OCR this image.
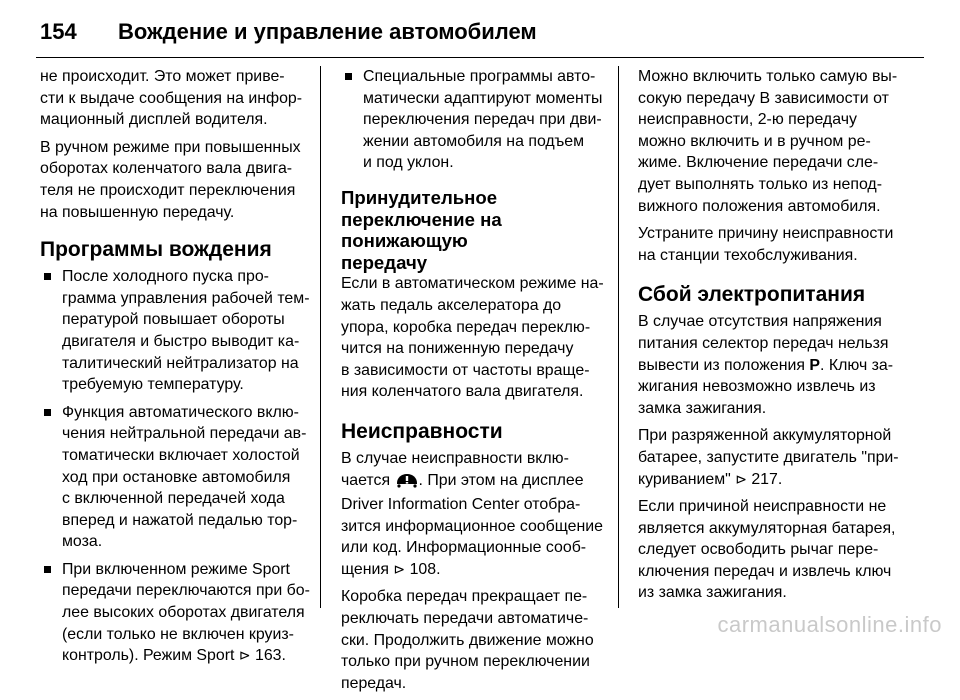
154	Вождение и управление автомобилем

не происходит. Это может приве-
сти к выдаче сообщения на инфор-
мационный дисплей водителя.

В ручном режиме при повышенных
оборотах коленчатого вала двига-
теля не происходит переключения
на повышенную передачу.

Программы вождения
После холодного пуска про-
грамма управления рабочей тем-
пературой повышает обороты
двигателя и быстро выводит ка-
талитический нейтрализатор на
требуемую температуру.
Функция автоматического вклю-
чения нейтральной передачи ав-
томатически включает холостой
ход при остановке автомобиля
с включенной передачей хода
вперед и нажатой педалью тор-
моза.
При включенном режиме Sport
передачи переключаются при бо-
лее высоких оборотах двигателя
(если только не включен круиз-
контроль). Режим Sport ⊳ 163.
Специальные программы авто-
матически адаптируют моменты
переключения передач при дви-
жении автомобиля на подъем
и под уклон.
Принудительное
переключение на понижающую
передачу

Если в автоматическом режиме на-
жать педаль акселератора до
упора, коробка передач переклю-
чится на пониженную передачу
в зависимости от частоты враще-
ния коленчатого вала двигателя.

Неисправности

В случае неисправности вклю-
чается . При этом на дисплее
Driver Information Center отобра-
зится информационное сообщение
или код. Информационные сооб-
щения ⊳ 108.

Коробка передач прекращает пе-
реключать передачи автоматиче-
ски. Продолжить движение можно
только при ручном переключении
передач.

Можно включить только самую вы-
сокую передачу В зависимости от
неисправности, 2-ю передачу
можно включить и в ручном ре-
жиме. Включение передачи сле-
дует выполнять только из непод-
вижного положения автомобиля.

Устраните причину неисправности
на станции техобслуживания.

Сбой электропитания

В случае отсутствия напряжения
питания селектор передач нельзя
вывести из положения P. Ключ за-
жигания невозможно извлечь из
замка зажигания.

При разряженной аккумуляторной
батарее, запустите двигатель "при-
куриванием" ⊳ 217.

Если причиной неисправности не
является аккумуляторная батарея,
следует освободить рычаг пере-
ключения передач и извлечь ключ
из замка зажигания.

carmanualsonline.info
